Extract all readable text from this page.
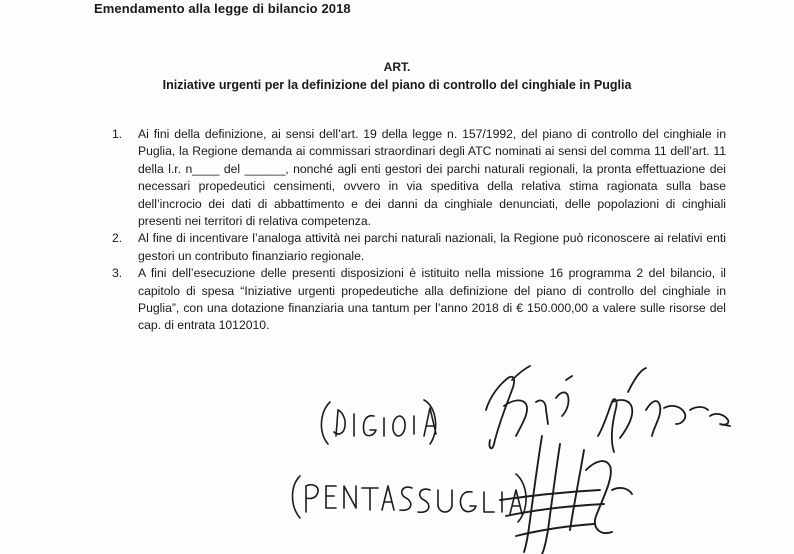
Emendamento alla legge di bilancio 2018
ART.
Iniziative urgenti per la definizione del piano di controllo del cinghiale in Puglia
1. Ai fini della definizione, ai sensi dell’art. 19 della legge n. 157/1992, del piano di controllo del cinghiale in Puglia, la Regione demanda ai commissari straordinari degli ATC nominati ai sensi del comma 11 dell’art. 11 della l.r. n____ del ______, nonché agli enti gestori dei parchi naturali regionali, la pronta effettuazione dei necessari propedeutici censimenti, ovvero in via speditiva della relativa stima ragionata sulla base dell’incrocio dei dati di abbattimento e dei danni da cinghiale denunciati, delle popolazioni di cinghiali presenti nei territori di relativa competenza.
2. Al fine di incentivare l’analoga attività nei parchi naturali nazionali, la Regione può riconoscere ai relativi enti gestori un contributo finanziario regionale.
3. A fini dell’esecuzione delle presenti disposizioni è istituito nella missione 16 programma 2 del bilancio, il capitolo di spesa “Iniziative urgenti propedeutiche alla definizione del piano di controllo del cinghiale in Puglia”, con una dotazione finanziaria una tantum per l’anno 2018 di € 150.000,00 a valere sulle risorse del cap. di entrata 1012010.
